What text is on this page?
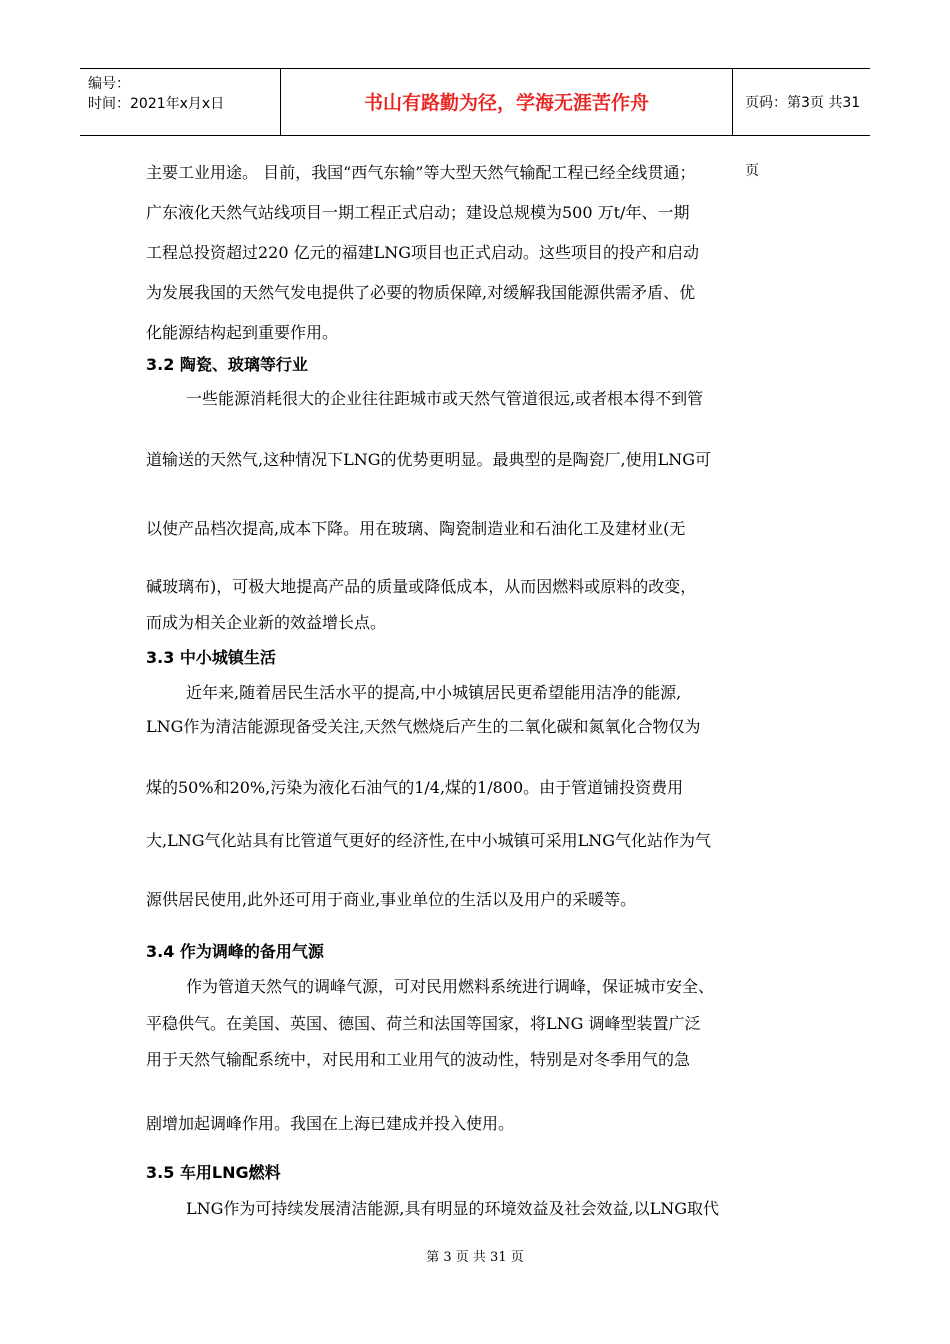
编号：
时间：2021年x月x日	书山有路勤为径，学海无涯苦作舟	页码：第3页 共31页
主要工业用途。 目前，我国“西气东输”等大型天然气输配工程已经全线贯通；
广东液化天然气站线项目一期工程正式启动；建设总规模为500 万t/年、一期
工程总投资超过220 亿元的福建LNG项目也正式启动。这些项目的投产和启动
为发展我国的天然气发电提供了必要的物质保障,对缓解我国能源供需矛盾、优
化能源结构起到重要作用。
3.2 陶瓷、玻璃等行业
一些能源消耗很大的企业往往距城市或天然气管道很远,或者根本得不到管
道输送的天然气,这种情况下LNG的优势更明显。最典型的是陶瓷厂,使用LNG可
以使产品档次提高,成本下降。用在玻璃、陶瓷制造业和石油化工及建材业(无
碱玻璃布)，可极大地提高产品的质量或降低成本，从而因燃料或原料的改变，
而成为相关企业新的效益增长点。
3.3 中小城镇生活
近年来,随着居民生活水平的提高,中小城镇居民更希望能用洁净的能源,
LNG作为清洁能源现备受关注,天然气燃烧后产生的二氧化碳和氮氧化合物仅为
煤的50%和20%,污染为液化石油气的1/4,煤的1/800。由于管道铺投资费用
大,LNG气化站具有比管道气更好的经济性,在中小城镇可采用LNG气化站作为气
源供居民使用,此外还可用于商业,事业单位的生活以及用户的采暖等。
3.4 作为调峰的备用气源
作为管道天然气的调峰气源，可对民用燃料系统进行调峰，保证城市安全、
平稳供气。在美国、英国、德国、荷兰和法国等国家，将LNG 调峰型装置广泛
用于天然气输配系统中，对民用和工业用气的波动性，特别是对冬季用气的急
剧增加起调峰作用。我国在上海已建成并投入使用。
3.5 车用LNG燃料
LNG作为可持续发展清洁能源,具有明显的环境效益及社会效益,以LNG取代
第 3 页 共 31 页
